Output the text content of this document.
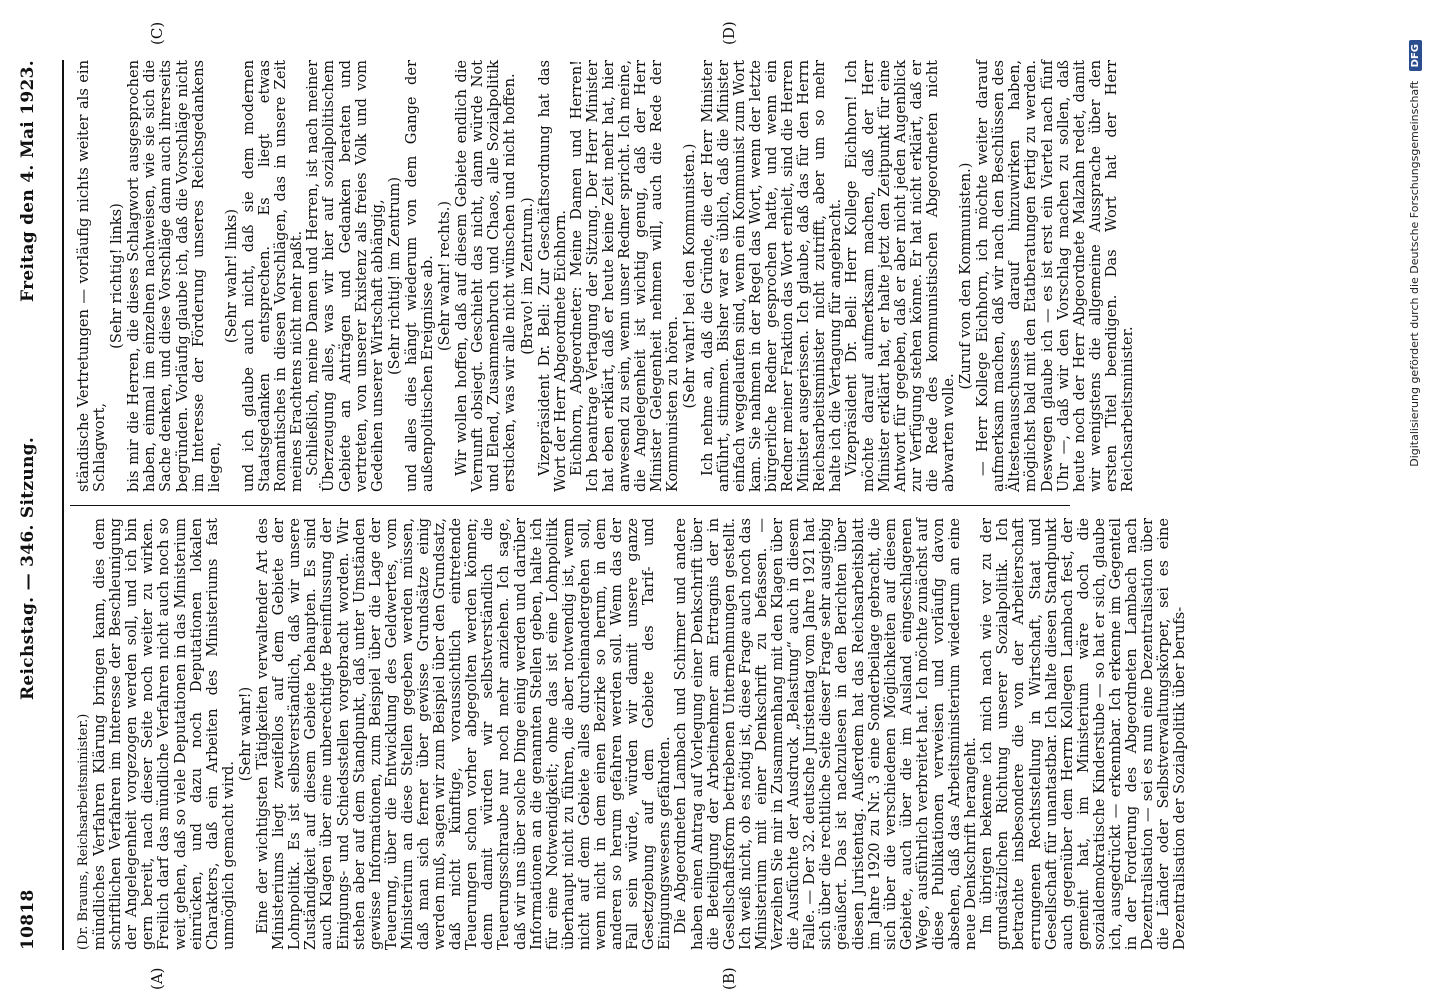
10818
Reichstag. — 346. Sitzung.
Freitag den 4. Mai 1923.
(A)	(B)
(C)	(D)

(Dr. Brauns, Reichsarbeitsminister.) mündliches Verfahren Klärung bringen kann, dies dem schriftlichen Verfahren im Interesse der Beschleunigung der Angelegenheit vorgezogen werden soll, und ich bin gern bereit, nach dieser Seite noch weiter zu wirken. Freilich darf das mündliche Verfahren nicht auch noch so weit gehen, daß so viele Deputationen in das Ministerium einrücken, und dazu noch Deputationen lokalen Charakters, daß ein Arbeiten des Ministeriums fast unmöglich gemacht wird.

(Sehr wahr!) Eine der wichtigsten Tätigkeiten verwaltender Art des Ministeriums liegt zweifellos auf dem Gebiete der Lohnpolitik. Es ist selbstverständlich, daß wir unsere Zuständigkeit auf diesem Gebiete behaupten. Es sind auch Klagen über eine unberechtigte Beeinflussung der Einigungs- und Schiedsstellen vorgebracht worden. Wir stehen aber auf dem Standpunkt, daß unter Umständen gewisse Informationen, zum Beispiel über die Lage der Teuerung, über die Entwicklung des Geldwertes, vom Ministerium an diese Stellen gegeben werden müssen, daß man sich ferner über gewisse Grundsätze einig werden muß, sagen wir zum Beispiel über den Grundsatz, daß nicht künftige, voraussichtlich eintretende Teuerungen schon vorher abgegolten werden können; denn damit würden wir selbstverständlich die Teuerungsschraube nur noch mehr anziehen. Ich sage, daß wir uns über solche Dinge einig werden und darüber Informationen an die genannten Stellen geben, halte ich für eine Notwendigkeit; ohne das ist eine Lohnpolitik überhaupt nicht zu führen, die aber notwendig ist, wenn nicht auf dem Gebiete alles durcheinandergehen soll, wenn nicht in dem einen Bezirke so herum, in dem anderen so herum gefahren werden soll. Wenn das der Fall sein würde, würden wir damit unsere ganze Gesetzgebung auf dem Gebiete des Tarif- und Einigungswesens gefährden. Die Abgeordneten Lambach und Schirmer und andere haben einen Antrag auf Vorlegung einer Denkschrift über die Beteiligung der Arbeitnehmer am Ertragnis der in Gesellschaftsform betriebenen Unternehmungen gestellt. Ich weiß nicht, ob es nötig ist, diese Frage auch noch das Ministerium mit einer Denkschrift zu befassen. — Verzeihen Sie mir in Zusammenhang mit den Klagen über die Ausfüchte der Ausdruck „Belastung“ auch in diesem Falle. — Der 32. deutsche Juristentag vom Jahre 1921 hat sich über die rechtliche Seite dieser Frage sehr ausgiebig geäußert. Das ist nachzulesen in den Berichten über diesen Juristentag. Außerdem hat das Reichsarbeitsblatt im Jahre 1920 zu Nr. 3 eine Sonderbeilage gebracht, die sich über die verschiedenen Möglichkeiten auf diesem Gebiete, auch über die im Ausland eingeschlagenen Wege, ausführlich verbreitet hat. Ich möchte zunächst auf diese Publikationen verweisen und vorläufig davon absehen, daß das Arbeitsministerium wiederum an eine neue Denkschrift herangeht. Im übrigen bekenne ich mich nach wie vor zu der grundsätzlichen Richtung unserer Sozialpolitik. Ich betrachte insbesondere die von der Arbeiterschaft errungenen Rechtsstellung in Wirtschaft, Staat und Gesellschaft für unantastbar. Ich halte diesen Standpunkt auch gegenüber dem Herrn Kollegen Lambach fest, der gemeint hat, im Ministerium wäre doch die sozialdemokratische Kinderstube — so hat er sich, glaube ich, ausgedrückt — erkennbar. Ich erkenne im Gegenteil in der Forderung des Abgeordneten Lambach nach Dezentralisation — sei es nun eine Dezentralisation über die Länder oder Selbstverwaltungskörper, sei es eine Dezentralisation der Sozialpolitik über berufs-

ständische Vertretungen — vorläufig nichts weiter als ein Schlagwort,

(Sehr richtig! links) bis mir die Herren, die dieses Schlagwort ausgesprochen haben, einmal im einzelnen nachweisen, wie sie sich die Sache denken, und diese Vorschläge dann auch ihrerseits begründen. Vorläufig glaube ich, daß die Vorschläge nicht im Interesse der Förderung unseres Reichsgedankens liegen,

(Sehr wahr! links) und ich glaube auch nicht, daß sie dem modernen Staatsgedanken entsprechen. Es liegt etwas Romantisches in diesen Vorschlägen, das in unsere Zeit meines Erachtens nicht mehr paßt. Schließlich, meine Damen und Herren, ist nach meiner Überzeugung alles, was wir hier auf sozialpolitischem Gebiete an Anträgen und Gedanken beraten und vertreten, von unserer Existenz als freies Volk und vom Gedeihen unserer Wirtschaft abhängig, (Sehr richtig! im Zentrum) und alles dies hängt wiederum von dem Gange der außenpolitischen Ereignisse ab. (Sehr wahr! rechts.) Wir wollen hoffen, daß auf diesem Gebiete endlich die Vernunft obsiegt. Geschieht das nicht, dann würde Not und Elend, Zusammenbruch und Chaos, alle Sozialpolitik ersticken, was wir alle nicht wünschen und nicht hoffen. (Bravo! im Zentrum.) Vizepräsident Dr. Bell: Zur Geschäftsordnung hat das Wort der Herr Abgeordnete Eichhorn. Eichhorn, Abgeordneter: Meine Damen und Herren! Ich beantrage Vertagung der Sitzung. Der Herr Minister hat eben erklärt, daß er heute keine Zeit mehr hat, hier anwesend zu sein, wenn unser Redner spricht. Ich meine, die Angelegenheit ist wichtig genug, daß der Herr Minister Gelegenheit nehmen will, auch die Rede der Kommunisten zu hören. (Sehr wahr! bei den Kommunisten.) Ich nehme an, daß die Gründe, die der Herr Minister anführt, stimmen. Bisher war es üblich, daß die Minister einfach weggelaufen sind, wenn ein Kommunist zum Wort kam. Sie nahmen in der Regel das Wort, wenn der letzte bürgerliche Redner gesprochen hatte, und wenn ein Redner meiner Fraktion das Wort erhielt, sind die Herren Minister ausgerissen. Ich glaube, daß das für den Herrn Reichsarbeitsminister nicht zutrifft, aber um so mehr halte ich die Vertagung für angebracht. Vizepräsident Dr. Bell: Herr Kollege Eichhorn! Ich möchte darauf aufmerksam machen, daß der Herr Minister erklärt hat, er halte jetzt den Zeitpunkt für eine Antwort für gegeben, daß er aber nicht jeden Augenblick zur Verfügung stehen könne. Er hat nicht erklärt, daß er die Rede des kommunistischen Abgeordneten nicht abwarten wolle.

(Zuruf von den Kommunisten.) — Herr Kollege Eichhorn, ich möchte weiter darauf aufmerksam machen, daß wir nach den Beschlüssen des Ältestenausschusses darauf hinzuwirken haben, möglichst bald mit den Etatberatungen fertig zu werden. Deswegen glaube ich — es ist erst ein Viertel nach fünf Uhr —, daß wir den Vorschlag machen zu sollen, daß heute noch der Herr Abgeordnete Malzahn redet, damit wir wenigstens die allgemeine Aussprache über den ersten Titel beendigen. Das Wort hat der Herr Reichsarbeitsminister.	Digitalisierung gefördert durch die Deutsche Forschungsgemeinschaft DFG
